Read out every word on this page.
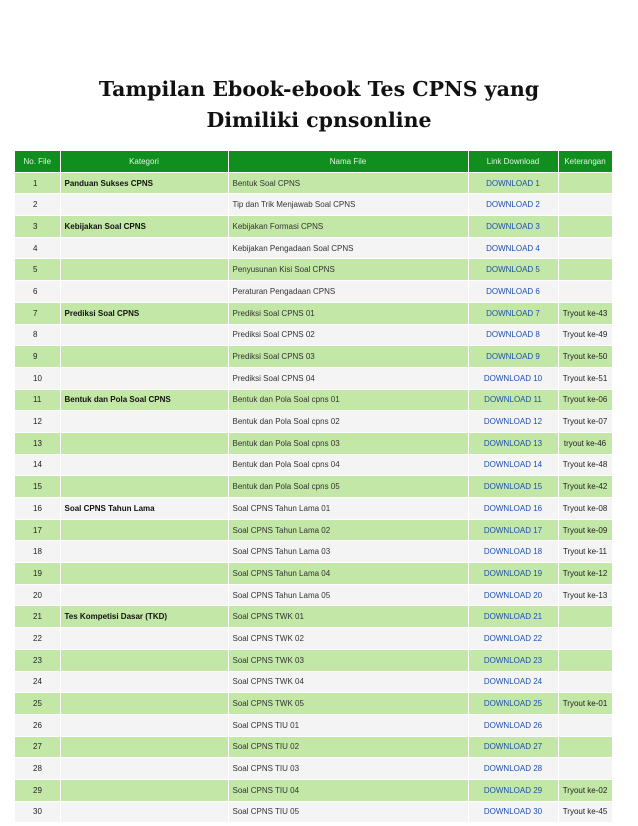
Tampilan Ebook-ebook Tes CPNS yang
Dimiliki cpnsonline
No. File	Kategori	Nama File	Link Download	Keterangan
1	Panduan Sukses CPNS	Bentuk Soal CPNS	DOWNLOAD 1	
2		Tip dan Trik Menjawab Soal CPNS	DOWNLOAD 2	
3	Kebijakan Soal CPNS	Kebijakan Formasi CPNS	DOWNLOAD 3	
4		Kebijakan Pengadaan Soal CPNS	DOWNLOAD 4	
5		Penyusunan Kisi Soal CPNS	DOWNLOAD 5	
6		Peraturan Pengadaan CPNS	DOWNLOAD 6	
7	Prediksi Soal CPNS	Prediksi Soal CPNS 01	DOWNLOAD 7	Tryout ke-43
8		Prediksi Soal CPNS 02	DOWNLOAD 8	Tryout ke-49
9		Prediksi Soal CPNS 03	DOWNLOAD 9	Tryout ke-50
10		Prediksi Soal CPNS 04	DOWNLOAD 10	Tryout ke-51
11	Bentuk dan Pola Soal CPNS	Bentuk dan Pola Soal cpns 01	DOWNLOAD 11	Tryout ke-06
12		Bentuk dan Pola Soal cpns 02	DOWNLOAD 12	Tryout ke-07
13		Bentuk dan Pola Soal cpns 03	DOWNLOAD 13	tryout ke-46
14		Bentuk dan Pola Soal cpns 04	DOWNLOAD 14	Tryout ke-48
15		Bentuk dan Pola Soal cpns 05	DOWNLOAD 15	Tryout ke-42
16	Soal CPNS Tahun Lama	Soal CPNS Tahun Lama 01	DOWNLOAD 16	Tryout ke-08
17		Soal CPNS Tahun Lama 02	DOWNLOAD 17	Tryout ke-09
18		Soal CPNS Tahun Lama 03	DOWNLOAD 18	Tryout ke-11
19		Soal CPNS Tahun Lama 04	DOWNLOAD 19	Tryout ke-12
20		Soal CPNS Tahun Lama 05	DOWNLOAD 20	Tryout ke-13
21	Tes Kompetisi Dasar (TKD)	Soal CPNS TWK 01	DOWNLOAD 21	
22		Soal CPNS TWK 02	DOWNLOAD 22	
23		Soal CPNS TWK 03	DOWNLOAD 23	
24		Soal CPNS TWK 04	DOWNLOAD 24	
25		Soal CPNS TWK 05	DOWNLOAD 25	Tryout ke-01
26		Soal CPNS TIU 01	DOWNLOAD 26	
27		Soal CPNS TIU 02	DOWNLOAD 27	
28		Soal CPNS TIU 03	DOWNLOAD 28	
29		Soal CPNS TIU 04	DOWNLOAD 29	Tryout ke-02
30		Soal CPNS TIU 05	DOWNLOAD 30	Tryout ke-45
